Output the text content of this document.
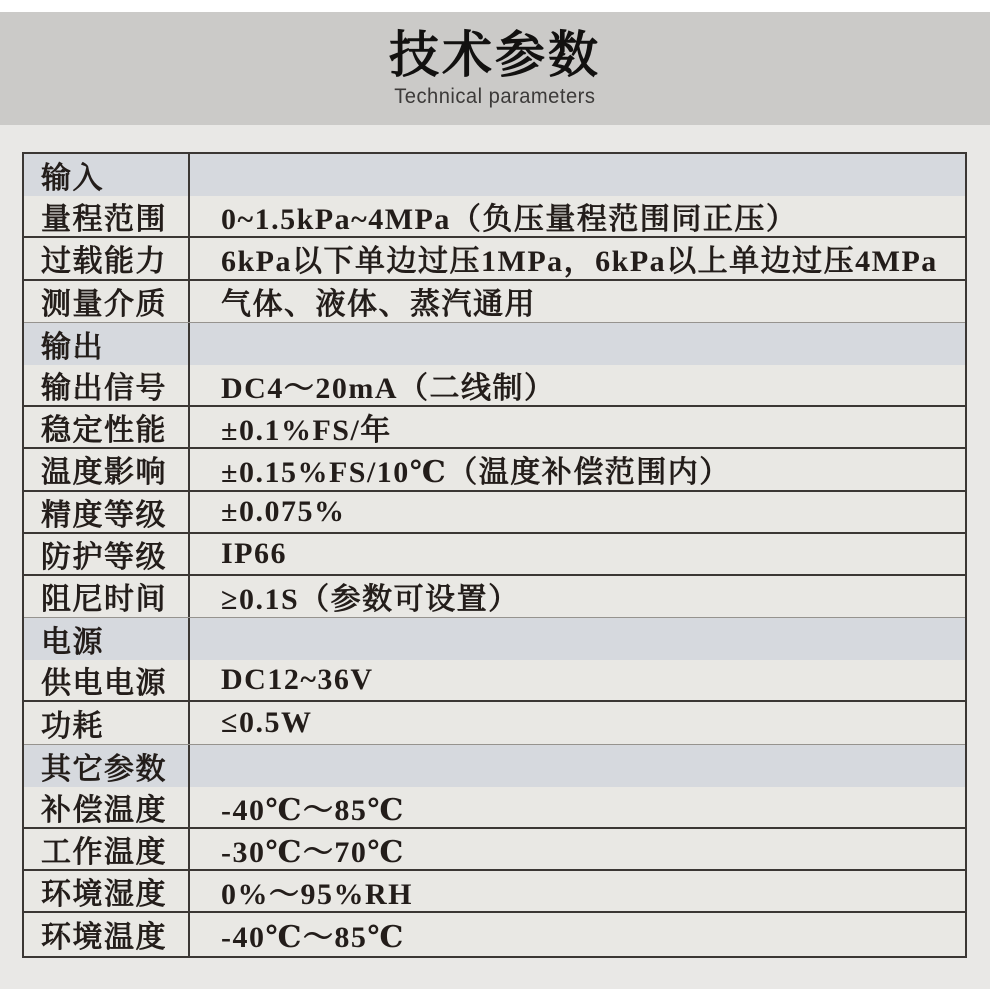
技术参数
Technical parameters
输入
量程范围	0~1.5kPa~4MPa（负压量程范围同正压）
过载能力	6kPa以下单边过压1MPa，6kPa以上单边过压4MPa
测量介质	气体、液体、蒸汽通用
输出
输出信号	DC4～20mA（二线制）
稳定性能	±0.1%FS/年
温度影响	±0.15%FS/10℃（温度补偿范围内）
精度等级	±0.075%
防护等级	IP66
阻尼时间	≥0.1S（参数可设置）
电源
供电电源	DC12~36V
功耗	≤0.5W
其它参数
补偿温度	-40℃～85℃
工作温度	-30℃～70℃
环境湿度	0%～95%RH
环境温度	-40℃～85℃
